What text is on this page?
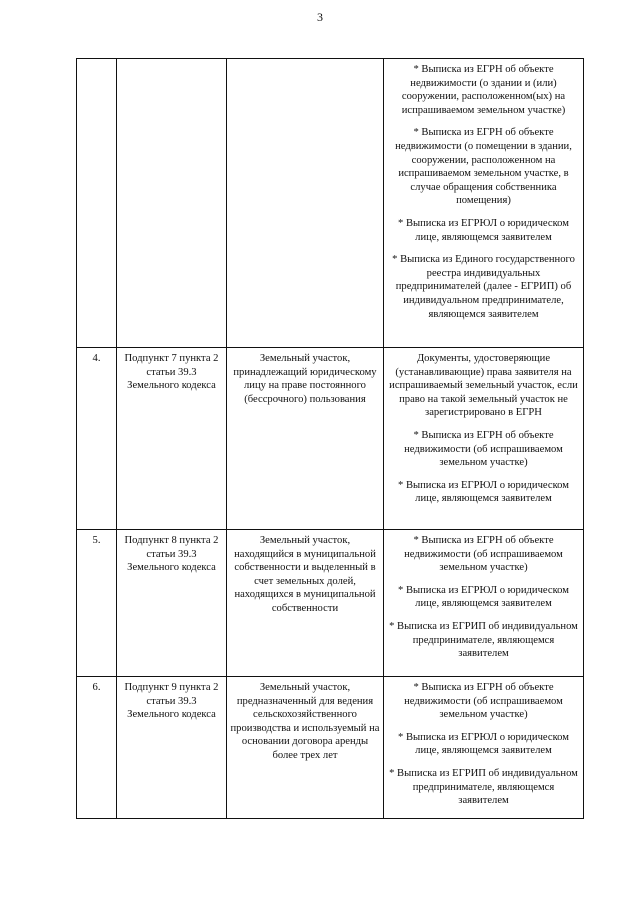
3

			* Выписка из ЕГРН об объекте недвижимости (о здании и (или) сооружении, расположенном(ых) на испрашиваемом земельном участке)
* Выписка из ЕГРН об объекте недвижимости (о помещении в здании, сооружении, расположенном на испрашиваемом земельном участке, в случае обращения собственника помещения)
* Выписка из ЕГРЮЛ о юридическом лице, являющемся заявителем
* Выписка из Единого государственного реестра индивидуальных предпринимателей (далее - ЕГРИП) об индивидуальном предпринимателе, являющемся заявителем

4.	Подпункт 7 пункта 2 статьи 39.3 Земельного кодекса	Земельный участок, принадлежащий юридическому лицу на праве постоянного (бессрочного) пользования	Документы, удостоверяющие (устанавливающие) права заявителя на испрашиваемый земельный участок, если право на такой земельный участок не зарегистрировано в ЕГРН
* Выписка из ЕГРН об объекте недвижимости (об испрашиваемом земельном участке)
* Выписка из ЕГРЮЛ о юридическом лице, являющемся заявителем

5.	Подпункт 8 пункта 2 статьи 39.3 Земельного кодекса	Земельный участок, находящийся в муниципальной собственности и выделенный в счет земельных долей, находящихся в муниципальной собственности	* Выписка из ЕГРН об объекте недвижимости (об испрашиваемом земельном участке)
* Выписка из ЕГРЮЛ о юридическом лице, являющемся заявителем
* Выписка из ЕГРИП об индивидуальном предпринимателе, являющемся заявителем

6.	Подпункт 9 пункта 2 статьи 39.3 Земельного кодекса	Земельный участок, предназначенный для ведения сельскохозяйственного производства и используемый на основании договора аренды более трех лет	* Выписка из ЕГРН об объекте недвижимости (об испрашиваемом земельном участке)
* Выписка из ЕГРЮЛ о юридическом лице, являющемся заявителем
* Выписка из ЕГРИП об индивидуальном предпринимателе, являющемся заявителем
